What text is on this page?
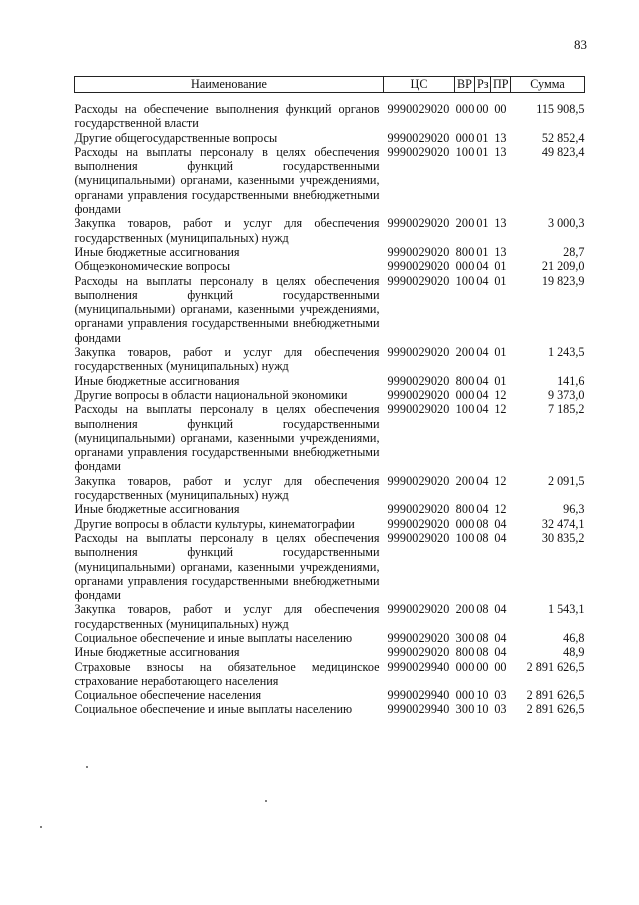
83
Наименование	ЦС	ВР	Рз	ПР	Сумма
Расходы на обеспечение выполнения функций органов государственной власти	9990029020	000	00	00	115 908,5
Другие общегосударственные вопросы	9990029020	000	01	13	52 852,4
Расходы на выплаты персоналу в целях обеспечения выполнения функций государственными (муниципальными) органами, казенными учреждениями, органами управления государственными внебюджетными фондами	9990029020	100	01	13	49 823,4
Закупка товаров, работ и услуг для обеспечения государственных (муниципальных) нужд	9990029020	200	01	13	3 000,3
Иные бюджетные ассигнования	9990029020	800	01	13	28,7
Общеэкономические вопросы	9990029020	000	04	01	21 209,0
Расходы на выплаты персоналу в целях обеспечения выполнения функций государственными (муниципальными) органами, казенными учреждениями, органами управления государственными внебюджетными фондами	9990029020	100	04	01	19 823,9
Закупка товаров, работ и услуг для обеспечения государственных (муниципальных) нужд	9990029020	200	04	01	1 243,5
Иные бюджетные ассигнования	9990029020	800	04	01	141,6
Другие вопросы в области национальной экономики	9990029020	000	04	12	9 373,0
Расходы на выплаты персоналу в целях обеспечения выполнения функций государственными (муниципальными) органами, казенными учреждениями, органами управления государственными внебюджетными фондами	9990029020	100	04	12	7 185,2
Закупка товаров, работ и услуг для обеспечения государственных (муниципальных) нужд	9990029020	200	04	12	2 091,5
Иные бюджетные ассигнования	9990029020	800	04	12	96,3
Другие вопросы в области культуры, кинематографии	9990029020	000	08	04	32 474,1
Расходы на выплаты персоналу в целях обеспечения выполнения функций государственными (муниципальными) органами, казенными учреждениями, органами управления государственными внебюджетными фондами	9990029020	100	08	04	30 835,2
Закупка товаров, работ и услуг для обеспечения государственных (муниципальных) нужд	9990029020	200	08	04	1 543,1
Социальное обеспечение и иные выплаты населению	9990029020	300	08	04	46,8
Иные бюджетные ассигнования	9990029020	800	08	04	48,9
Страховые взносы на обязательное медицинское страхование неработающего населения	9990029940	000	00	00	2 891 626,5
Социальное обеспечение населения	9990029940	000	10	03	2 891 626,5
Социальное обеспечение и иные выплаты населению	9990029940	300	10	03	2 891 626,5
